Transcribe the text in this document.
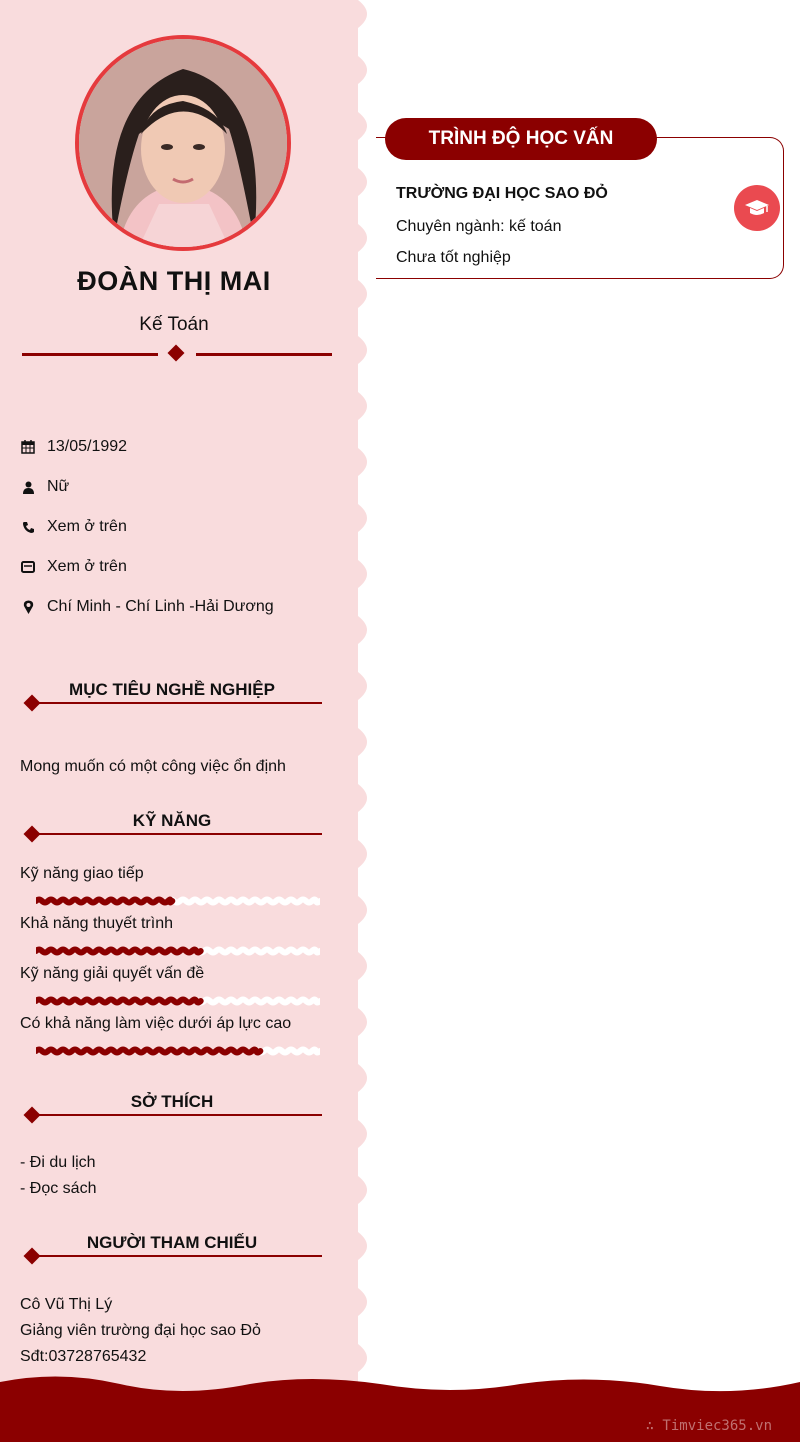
ĐOÀN THỊ MAI
Kế Toán
13/05/1992
Nữ
Xem ở trên
Xem ở trên
Chí Minh - Chí Linh -Hải Dương
MỤC TIÊU NGHỀ NGHIỆP
Mong muốn có một công việc ổn định
KỸ NĂNG
Kỹ năng giao tiếp
Khả năng thuyết trình
Kỹ năng giải quyết vấn đề
Có khả năng làm việc dưới áp lực cao
SỞ THÍCH
- Đi du lịch
- Đọc sách
NGƯỜI THAM CHIẾU
Cô Vũ Thị Lý
Giảng viên trường đại học sao Đỏ
Sđt:03728765432
TRÌNH ĐỘ HỌC VẤN
TRƯỜNG ĐẠI HỌC SAO ĐỎ
Chuyên ngành: kế toán
Chưa tốt nghiệp
∴ Timviec365.vn
